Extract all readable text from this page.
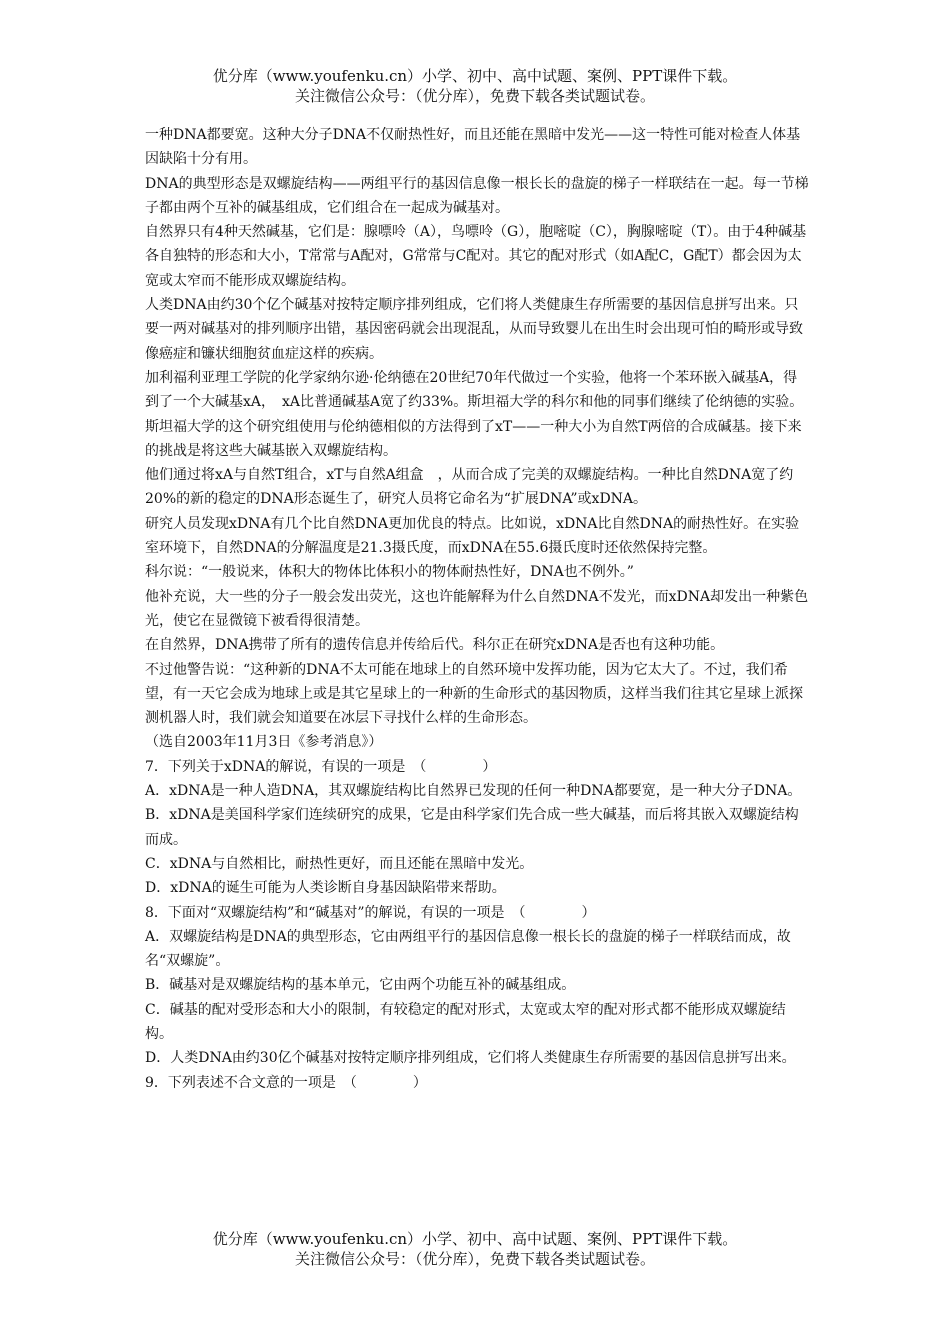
优分库（www.youfenku.cn）小学、初中、高中试题、案例、PPT课件下载。
关注微信公众号：（优分库），免费下载各类试题试卷。

一种DNA都要宽。这种大分子DNA不仅耐热性好，而且还能在黑暗中发光——这一特性可能对检查人体基因缺陷十分有用。

DNA的典型形态是双螺旋结构——两组平行的基因信息像一根长长的盘旋的梯子一样联结在一起。每一节梯子都由两个互补的碱基组成，它们组合在一起成为碱基对。

自然界只有4种天然碱基，它们是：腺嘌呤（A），鸟嘌呤（G），胞嘧啶（C），胸腺嘧啶（T）。由于4种碱基各自独特的形态和大小，T常常与A配对，G常常与C配对。其它的配对形式（如A配C，G配T）都会因为太宽或太窄而不能形成双螺旋结构。

人类DNA由约30个亿个碱基对按特定顺序排列组成，它们将人类健康生存所需要的基因信息拼写出来。只要一两对碱基对的排列顺序出错，基因密码就会出现混乱，从而导致婴儿在出生时会出现可怕的畸形或导致像癌症和镰状细胞贫血症这样的疾病。

加利福利亚理工学院的化学家纳尔逊·伦纳德在20世纪70年代做过一个实验，他将一个苯环嵌入碱基A，得到了一个大碱基xA，　xA比普通碱基A宽了约33%。斯坦福大学的科尔和他的同事们继续了伦纳德的实验。

斯坦福大学的这个研究组使用与伦纳德相似的方法得到了xT——一种大小为自然T两倍的合成碱基。接下来的挑战是将这些大碱基嵌入双螺旋结构。

他们通过将xA与自然T组合，xT与自然A组盒　，从而合成了完美的双螺旋结构。一种比自然DNA宽了约20%的新的稳定的DNA形态诞生了，研究人员将它命名为“扩展DNA”或xDNA。

研究人员发现xDNA有几个比自然DNA更加优良的特点。比如说，xDNA比自然DNA的耐热性好。在实验室环境下，自然DNA的分解温度是21.3摄氏度，而xDNA在55.6摄氏度时还依然保持完整。

科尔说：“一般说来，体积大的物体比体积小的物体耐热性好，DNA也不例外。”

他补充说，大一些的分子一般会发出荧光，这也许能解释为什么自然DNA不发光，而xDNA却发出一种紫色光，使它在显微镜下被看得很清楚。

在自然界，DNA携带了所有的遗传信息并传给后代。科尔正在研究xDNA是否也有这种功能。

不过他警告说：“这种新的DNA不太可能在地球上的自然环境中发挥功能，因为它太大了。不过，我们希望，有一天它会成为地球上或是其它星球上的一种新的生命形式的基因物质，这样当我们往其它星球上派探测机器人时，我们就会知道要在冰层下寻找什么样的生命形态。

（选自2003年11月3日《参考消息》）

7．下列关于xDNA的解说，有误的一项是　（　　　　）

A．xDNA是一种人造DNA，其双螺旋结构比自然界已发现的任何一种DNA都要宽，是一种大分子DNA。

B．xDNA是美国科学家们连续研究的成果，它是由科学家们先合成一些大碱基，而后将其嵌入双螺旋结构而成。

C．xDNA与自然相比，耐热性更好，而且还能在黑暗中发光。

D．xDNA的诞生可能为人类诊断自身基因缺陷带来帮助。

8．下面对“双螺旋结构”和“碱基对”的解说，有误的一项是　（　　　　）

A．双螺旋结构是DNA的典型形态，它由两组平行的基因信息像一根长长的盘旋的梯子一样联结而成，故名“双螺旋”。

B．碱基对是双螺旋结构的基本单元，它由两个功能互补的碱基组成。

C．碱基的配对受形态和大小的限制，有较稳定的配对形式，太宽或太窄的配对形式都不能形成双螺旋结构。

D．人类DNA由约30亿个碱基对按特定顺序排列组成，它们将人类健康生存所需要的基因信息拼写出来。

9．下列表述不合文意的一项是　（　　　　）

优分库（www.youfenku.cn）小学、初中、高中试题、案例、PPT课件下载。
关注微信公众号：（优分库），免费下载各类试题试卷。
